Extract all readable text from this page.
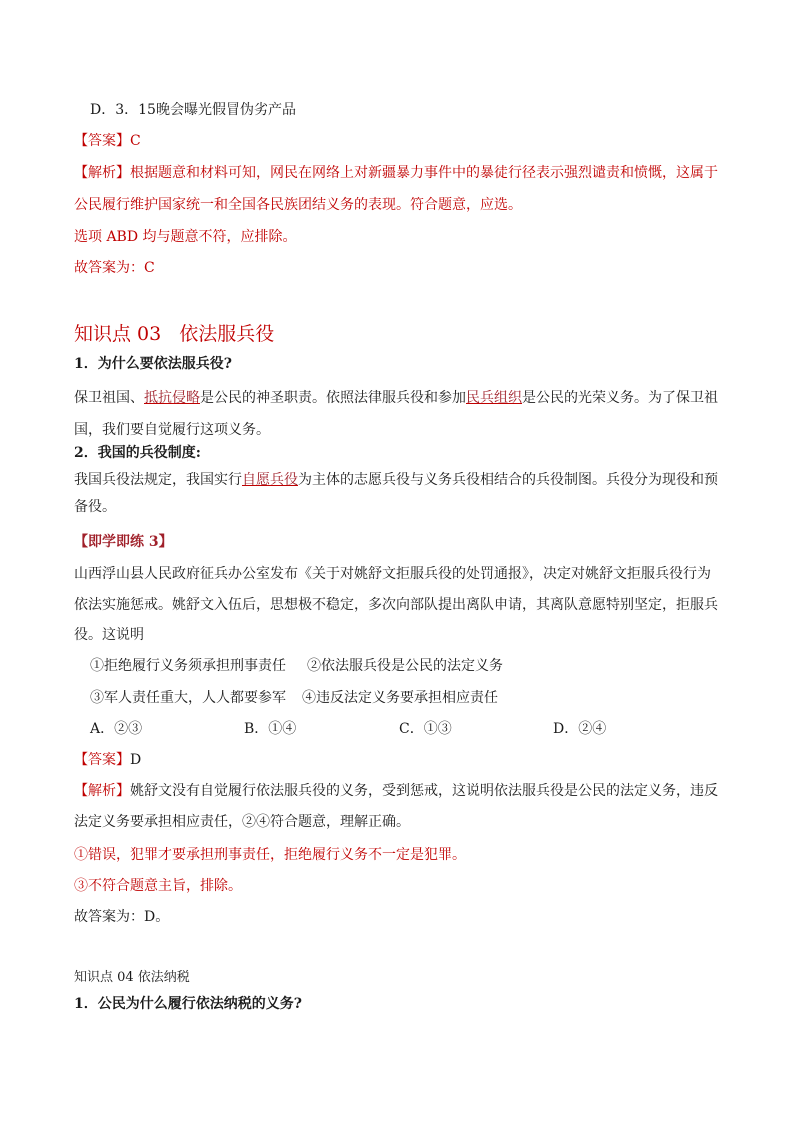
D．3．15晚会曝光假冒伪劣产品
【答案】C
【解析】根据题意和材料可知，网民在网络上对新疆暴力事件中的暴徒行径表示强烈谴责和愤慨，这属于
公民履行维护国家统一和全国各民族团结义务的表现。符合题意，应选。
选项 ABD 均与题意不符，应排除。
故答案为：C
知识点 03 依法服兵役
1．为什么要依法服兵役?
保卫祖国、抵抗侵略是公民的神圣职责。依照法律服兵役和参加民兵组织是公民的光荣义务。为了保卫祖
国，我们要自觉履行这项义务。
2．我国的兵役制度:
我国兵役法规定，我国实行自愿兵役为主体的志愿兵役与义务兵役相结合的兵役制图。兵役分为现役和预
备役。
【即学即练 3】
山西浮山县人民政府征兵办公室发布《关于对姚舒文拒服兵役的处罚通报》，决定对姚舒文拒服兵役行为
依法实施惩戒。姚舒文入伍后，思想极不稳定，多次向部队提出离队申请，其离队意愿特别坚定，拒服兵
役。这说明
①拒绝履行义务须承担刑事责任 ②依法服兵役是公民的法定义务
③军人责任重大，人人都要参军 ④违反法定义务要承担相应责任
A．②③	B．①④	C．①③	D．②④
【答案】D
【解析】姚舒文没有自觉履行依法服兵役的义务，受到惩戒，这说明依法服兵役是公民的法定义务，违反
法定义务要承担相应责任，②④符合题意，理解正确。
①错误，犯罪才要承担刑事责任，拒绝履行义务不一定是犯罪。
③不符合题意主旨，排除。
故答案为：D。
知识点 04 依法纳税
1．公民为什么履行依法纳税的义务?
